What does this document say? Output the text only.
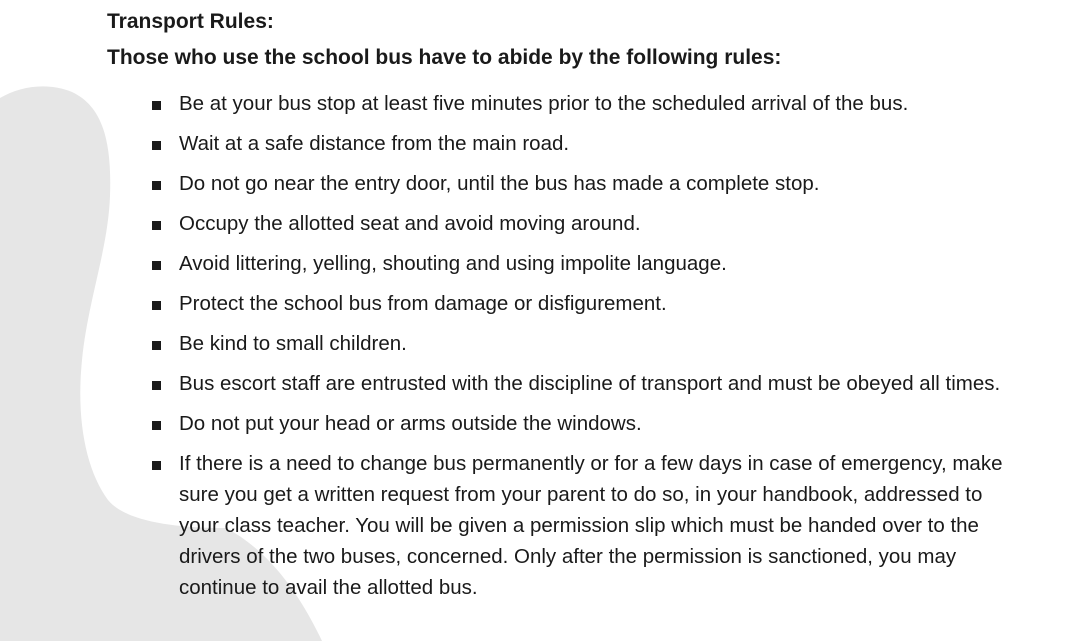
Transport Rules:
Those who use the school bus have to abide by the following rules:
Be at your bus stop at least five minutes prior to the scheduled arrival of the bus.
Wait at a safe distance from the main road.
Do not go near the entry door, until the bus has made a complete stop.
Occupy the allotted seat and avoid moving around.
Avoid littering, yelling, shouting and using impolite language.
Protect the school bus from damage or disfigurement.
Be kind to small children.
Bus escort staff are entrusted with the discipline of transport and must be obeyed all times.
Do not put your head or arms outside the windows.
If there is a need to change bus permanently or for a few days in case of emergency, make sure you get a written request from your parent to do so, in your handbook, addressed to your class teacher. You will be given a permission slip which must be handed over to the drivers of the two buses, concerned. Only after the permission is sanctioned, you may continue to avail the allotted bus.
